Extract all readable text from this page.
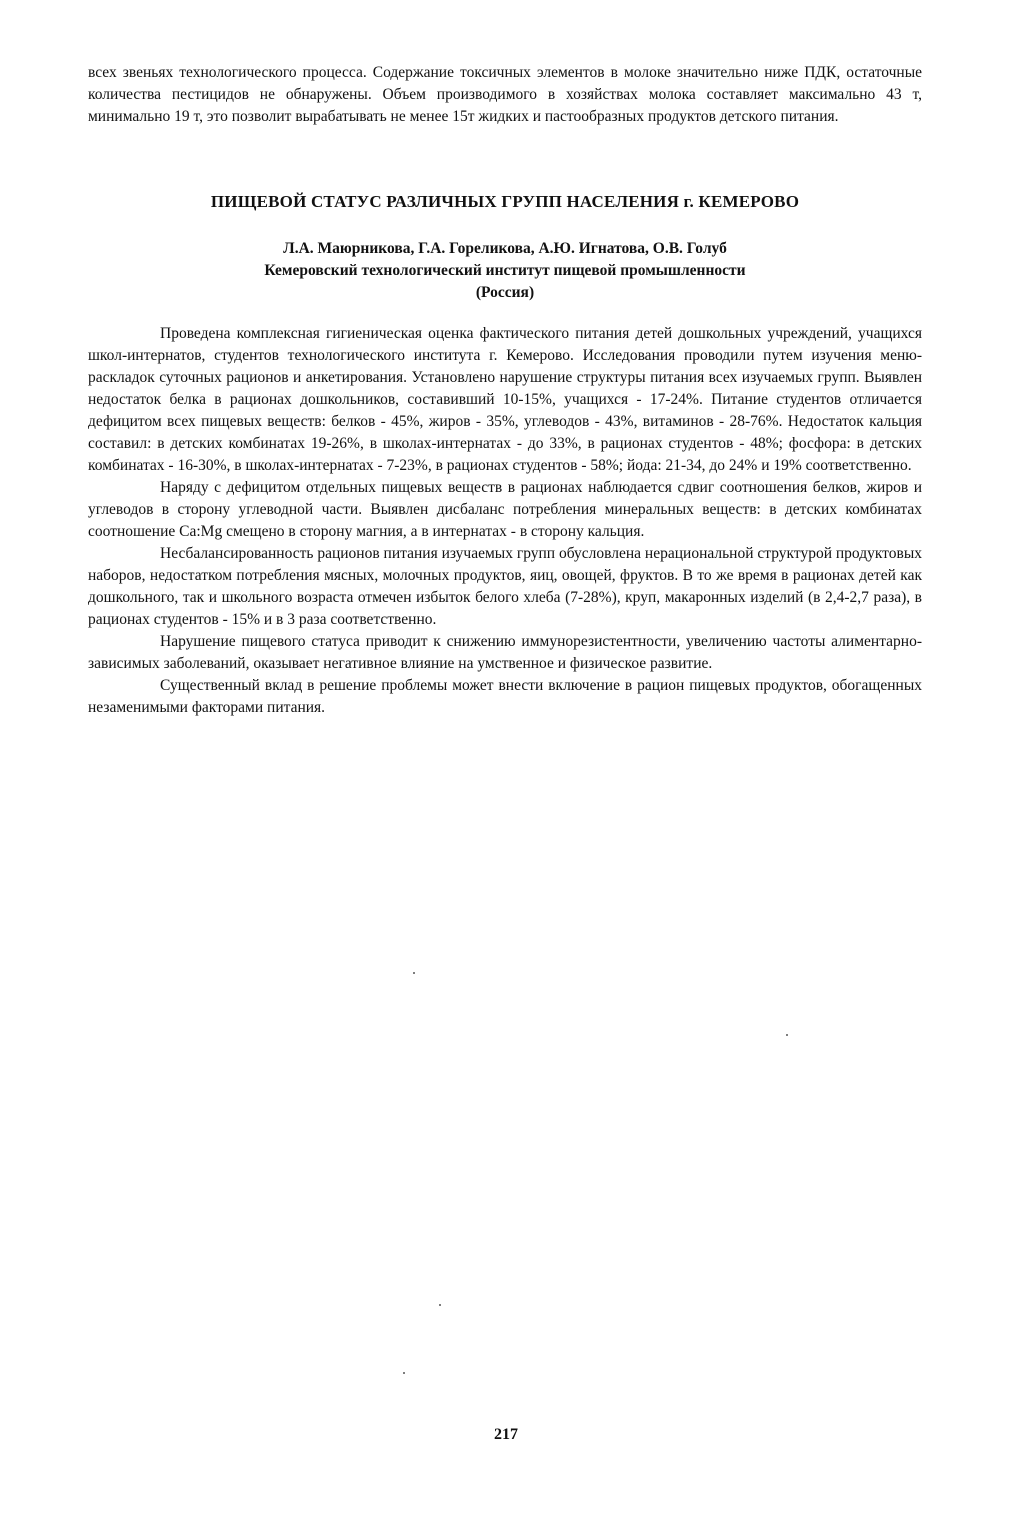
всех звеньях технологического процесса. Содержание токсичных элементов в молоке значительно ниже ПДК, остаточные количества пестицидов не обнаружены. Объем производимого в хозяйствах молока составляет максимально 43 т, минимально 19 т, это позволит вырабатывать не менее 15т жидких и пастообразных продуктов детского питания.

ПИЩЕВОЙ СТАТУС РАЗЛИЧНЫХ ГРУПП НАСЕЛЕНИЯ г. КЕМЕРОВО
Л.А. Маюрникова, Г.А. Гореликова, А.Ю. Игнатова, О.В. Голуб
Кемеровский технологический институт пищевой промышленности
(Россия)

Проведена комплексная гигиеническая оценка фактического питания детей дошкольных учреждений, учащихся школ-интернатов, студентов технологического института г. Кемерово. Исследования проводили путем изучения меню-раскладок суточных рационов и анкетирования. Установлено нарушение структуры питания всех изучаемых групп. Выявлен недостаток белка в рационах дошкольников, составивший 10-15%, учащихся - 17-24%. Питание студентов отличается дефицитом всех пищевых веществ: белков - 45%, жиров - 35%, углеводов - 43%, витаминов - 28-76%. Недостаток кальция составил: в детских комбинатах 19-26%, в школах-интернатах - до 33%, в рационах студентов - 48%; фосфора: в детских комбинатах - 16-30%, в школах-интернатах - 7-23%, в рационах студентов - 58%; йода: 21-34, до 24% и 19% соответственно.

Наряду с дефицитом отдельных пищевых веществ в рационах наблюдается сдвиг соотношения белков, жиров и углеводов в сторону углеводной части. Выявлен дисбаланс потребления минеральных веществ: в детских комбинатах соотношение Ca:Mg смещено в сторону магния, а в интернатах - в сторону кальция.

Несбалансированность рационов питания изучаемых групп обусловлена нерациональной структурой продуктовых наборов, недостатком потребления мясных, молочных продуктов, яиц, овощей, фруктов. В то же время в рационах детей как дошкольного, так и школьного возраста отмечен избыток белого хлеба (7-28%), круп, макаронных изделий (в 2,4-2,7 раза), в рационах студентов - 15% и в 3 раза соответственно.

Нарушение пищевого статуса приводит к снижению иммунорезистентности, увеличению частоты алиментарно-зависимых заболеваний, оказывает негативное влияние на умственное и физическое развитие.

Существенный вклад в решение проблемы может внести включение в рацион пищевых продуктов, обогащенных незаменимыми факторами питания.

217
